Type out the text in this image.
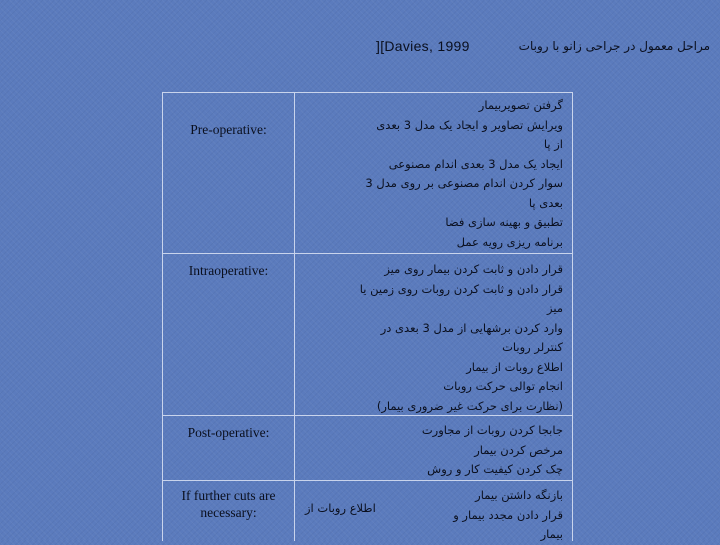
مراحل معمول در جراحی زانو با روبات
][Davies, 1999
Pre-operative:
گرفتن تصویربیمار
ویرایش تصاویر و ایجاد یک مدل 3 بعدی
از پا
ایجاد یک مدل 3 بعدی اندام مصنوعی
سوار کردن اندام مصنوعی بر روی مدل 3
بعدی پا
تطبیق و بهینه سازی فضا
برنامه ریزی رویه عمل
Intraoperative:	قرار دادن و ثابت کردن بیمار روی میز
قرار دادن و ثابت کردن روبات روی زمین یا
میز
وارد کردن برشهایی از مدل 3 بعدی در
کنترلر روبات
اطلاع روبات از بیمار
انجام توالی حرکت روبات
(نظارت برای حرکت غیر ضروری بیمار)
Post-operative:	جابجا کردن روبات از مجاورت
مرخص کردن بیمار
چک کردن کیفیت کار و روش
If further cuts are necessary:
بازنگه داشتن بیمار
قرار دادن مجدد بیمار و
بیمار
اطلاع روبات از
